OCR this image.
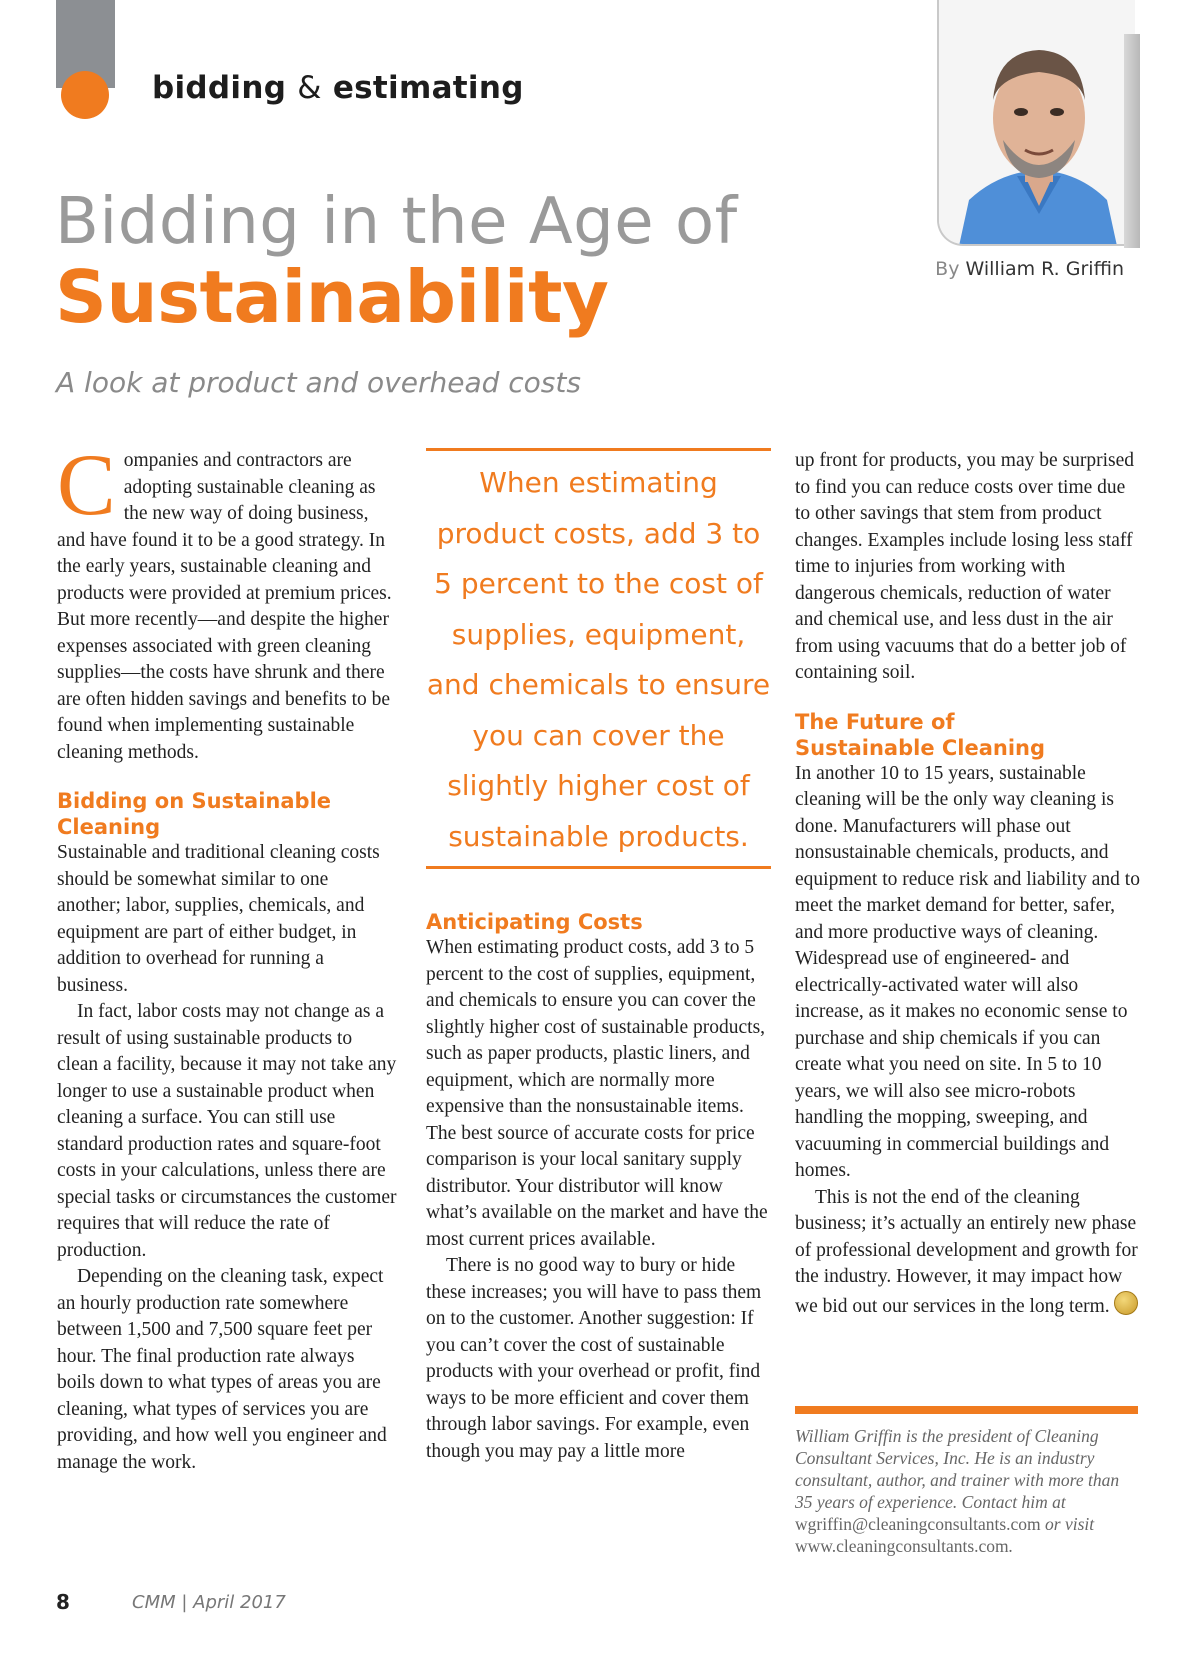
bidding & estimating
Bidding in the Age of
Sustainability
A look at product and overhead costs
By William R. Griffin

Companies and contractors are adopting sustainable cleaning as the new way of doing business, and have found it to be a good strategy. In the early years, sustainable cleaning and products were provided at premium prices. But more recently—and despite the higher expenses associated with green cleaning supplies—the costs have shrunk and there are often hidden savings and benefits to be found when implementing sustainable cleaning methods.

Bidding on Sustainable Cleaning

Sustainable and traditional cleaning costs should be somewhat similar to one another; labor, supplies, chemicals, and equipment are part of either budget, in addition to overhead for running a business.

In fact, labor costs may not change as a result of using sustainable products to clean a facility, because it may not take any longer to use a sustainable product when cleaning a surface. You can still use standard production rates and square-foot costs in your calculations, unless there are special tasks or circumstances the customer requires that will reduce the rate of production.

Depending on the cleaning task, expect an hourly production rate somewhere between 1,500 and 7,500 square feet per hour. The final production rate always boils down to what types of areas you are cleaning, what types of services you are providing, and how well you engineer and manage the work.

When estimating product costs, add 3 to 5 percent to the cost of supplies, equipment, and chemicals to ensure you can cover the slightly higher cost of sustainable products.
Anticipating Costs

When estimating product costs, add 3 to 5 percent to the cost of supplies, equipment, and chemicals to ensure you can cover the slightly higher cost of sustainable products, such as paper products, plastic liners, and equipment, which are normally more expensive than the nonsustainable items. The best source of accurate costs for price comparison is your local sanitary supply distributor. Your distributor will know what’s available on the market and have the most current prices available.

There is no good way to bury or hide these increases; you will have to pass them on to the customer. Another suggestion: If you can’t cover the cost of sustainable products with your overhead or profit, find ways to be more efficient and cover them through labor savings. For example, even though you may pay a little more

up front for products, you may be surprised to find you can reduce costs over time due to other savings that stem from product changes. Examples include losing less staff time to injuries from working with dangerous chemicals, reduction of water and chemical use, and less dust in the air from using vacuums that do a better job of containing soil.

The Future of
Sustainable Cleaning

In another 10 to 15 years, sustainable cleaning will be the only way cleaning is done. Manufacturers will phase out nonsustainable chemicals, products, and equipment to reduce risk and liability and to meet the market demand for better, safer, and more productive ways of cleaning. Widespread use of engineered- and electrically-activated water will also increase, as it makes no economic sense to purchase and ship chemicals if you can create what you need on site. In 5 to 10 years, we will also see micro-robots handling the mopping, sweeping, and vacuuming in commercial buildings and homes.

This is not the end of the cleaning business; it’s actually an entirely new phase of professional development and growth for the industry. However, it may impact how we bid out our services in the long term.

William Griffin is the president of Cleaning Consultant Services, Inc. He is an industry consultant, author, and trainer with more than 35 years of experience. Contact him at wgriffin@cleaningconsultants.com or visit www.cleaningconsultants.com.
8	CMM | April 2017
